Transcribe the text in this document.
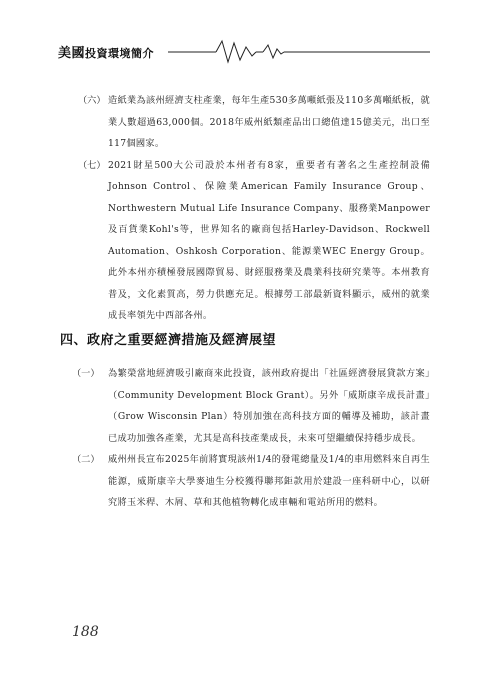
美國投資環境簡介
（六） 造紙業為該州經濟支柱產業，每年生產530多萬噸紙張及110多萬噸紙板，就業人數超過63,000個。2018年威州紙類產品出口總值達15億美元，出口至117個國家。
（七） 2021財星500大公司設於本州者有8家，重要者有著名之生產控制設備Johnson Control、保險業American Family Insurance Group、Northwestern Mutual Life Insurance Company、服務業Manpower及百貨業Kohl's等，世界知名的廠商包括Harley-Davidson、Rockwell Automation、Oshkosh Corporation、能源業WEC Energy Group。此外本州亦積極發展國際貿易、財經服務業及農業科技研究業等。本州教育普及，文化素質高，勞力供應充足。根據勞工部最新資料顯示，威州的就業成長率領先中西部各州。
四、政府之重要經濟措施及經濟展望
（一） 為繁榮當地經濟吸引廠商來此投資，該州政府提出「社區經濟發展貸款方案」（Community Development Block Grant）。另外「威斯康辛成長計畫」（Grow Wisconsin Plan）特別加強在高科技方面的輔導及補助，該計畫已成功加強各產業，尤其是高科技產業成長，未來可望繼續保持穩步成長。
（二） 威州州長宣布2025年前將實現該州1/4的發電總量及1/4的車用燃料來自再生能源，威斯康辛大學麥迪生分校獲得聯邦鉅款用於建設一座科研中心，以研究將玉米稈、木屑、草和其他植物轉化成車輛和電站所用的燃料。
188
